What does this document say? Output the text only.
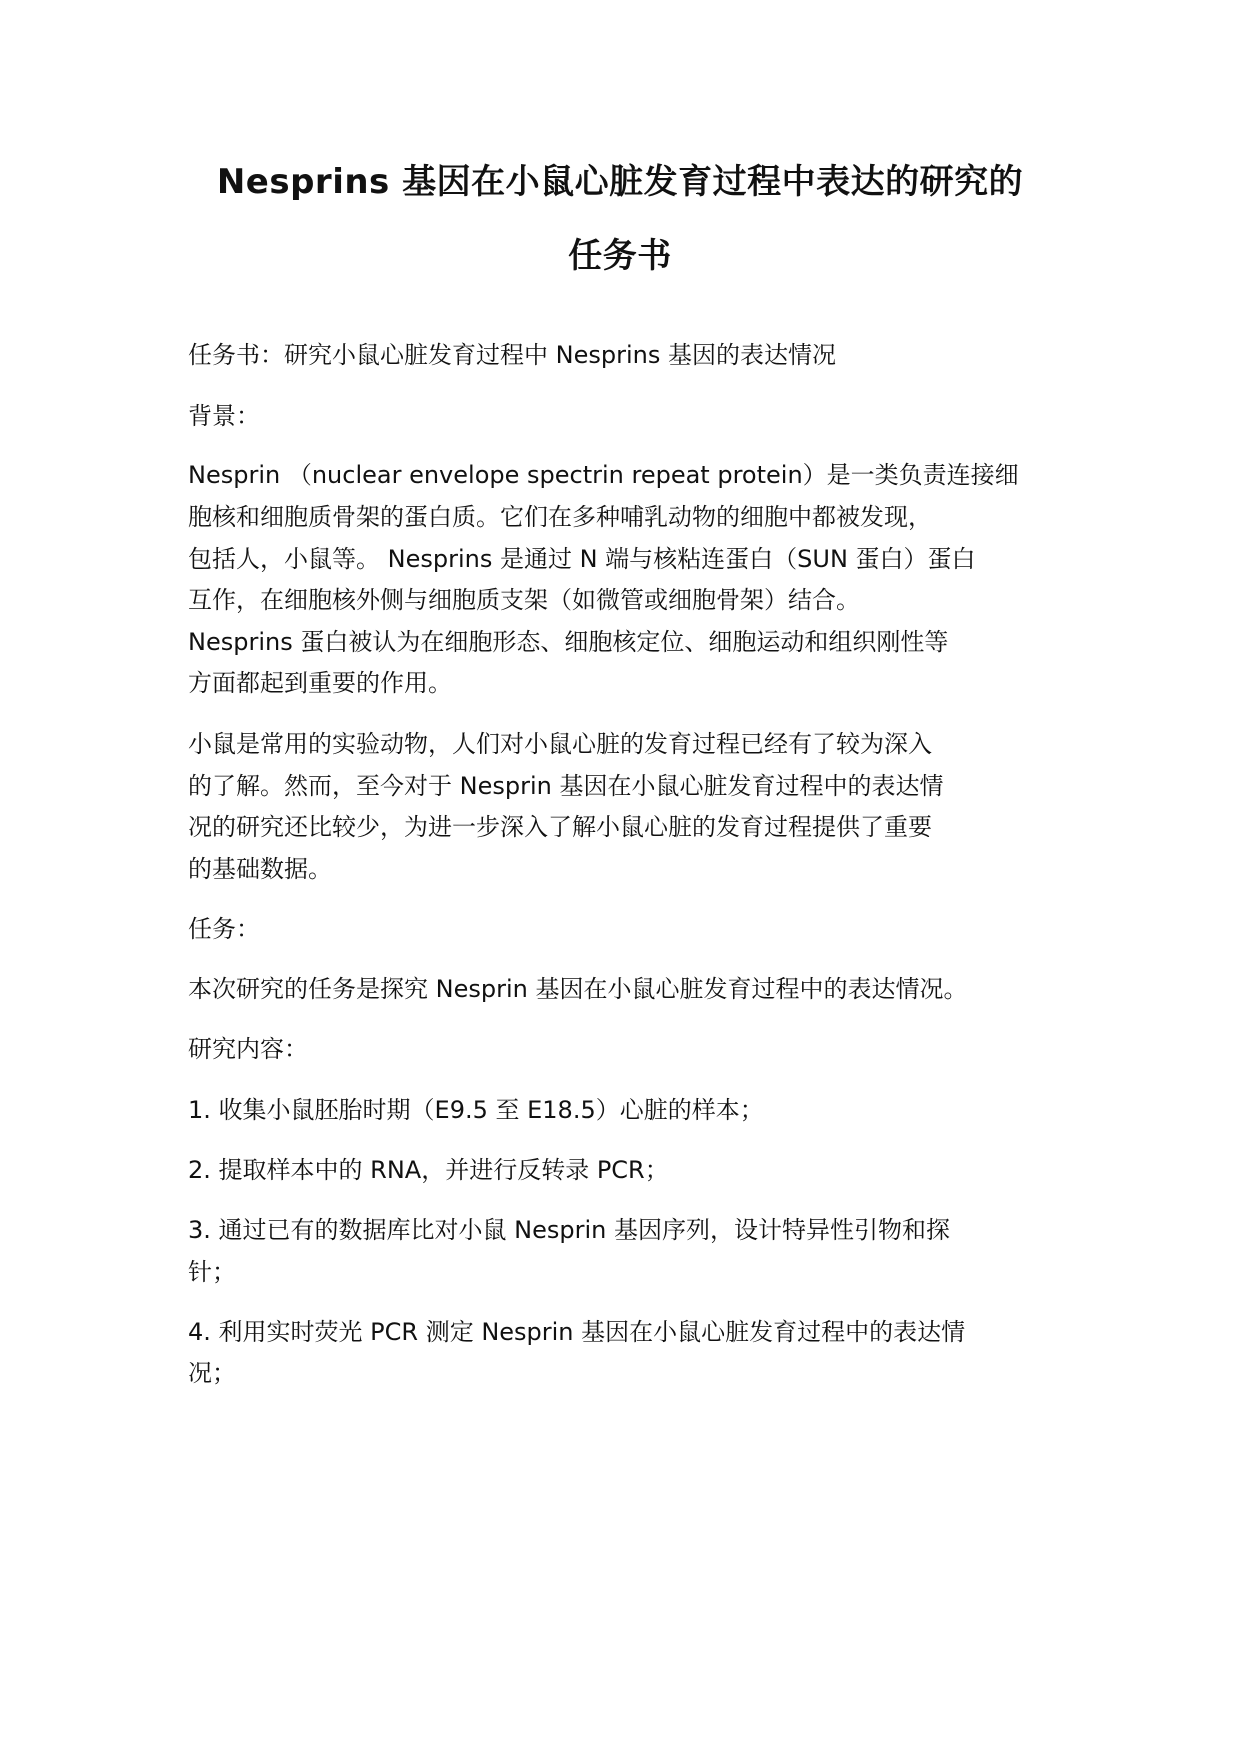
Nesprins 基因在小鼠心脏发育过程中表达的研究的
任务书
任务书：研究小鼠心脏发育过程中 Nesprins 基因的表达情况
背景：
Nesprin （nuclear envelope spectrin repeat protein）是一类负责连接细
胞核和细胞质骨架的蛋白质。它们在多种哺乳动物的细胞中都被发现，
包括人，小鼠等。 Nesprins 是通过 N 端与核粘连蛋白（SUN 蛋白）蛋白
互作，在细胞核外侧与细胞质支架（如微管或细胞骨架）结合。
Nesprins 蛋白被认为在细胞形态、细胞核定位、细胞运动和组织刚性等
方面都起到重要的作用。
小鼠是常用的实验动物，人们对小鼠心脏的发育过程已经有了较为深入
的了解。然而，至今对于 Nesprin 基因在小鼠心脏发育过程中的表达情
况的研究还比较少，为进一步深入了解小鼠心脏的发育过程提供了重要
的基础数据。
任务：
本次研究的任务是探究 Nesprin 基因在小鼠心脏发育过程中的表达情况。
研究内容：
1. 收集小鼠胚胎时期（E9.5 至 E18.5）心脏的样本；
2. 提取样本中的 RNA，并进行反转录 PCR；
3. 通过已有的数据库比对小鼠 Nesprin 基因序列，设计特异性引物和探
针；
4. 利用实时荧光 PCR 测定 Nesprin 基因在小鼠心脏发育过程中的表达情
况；
